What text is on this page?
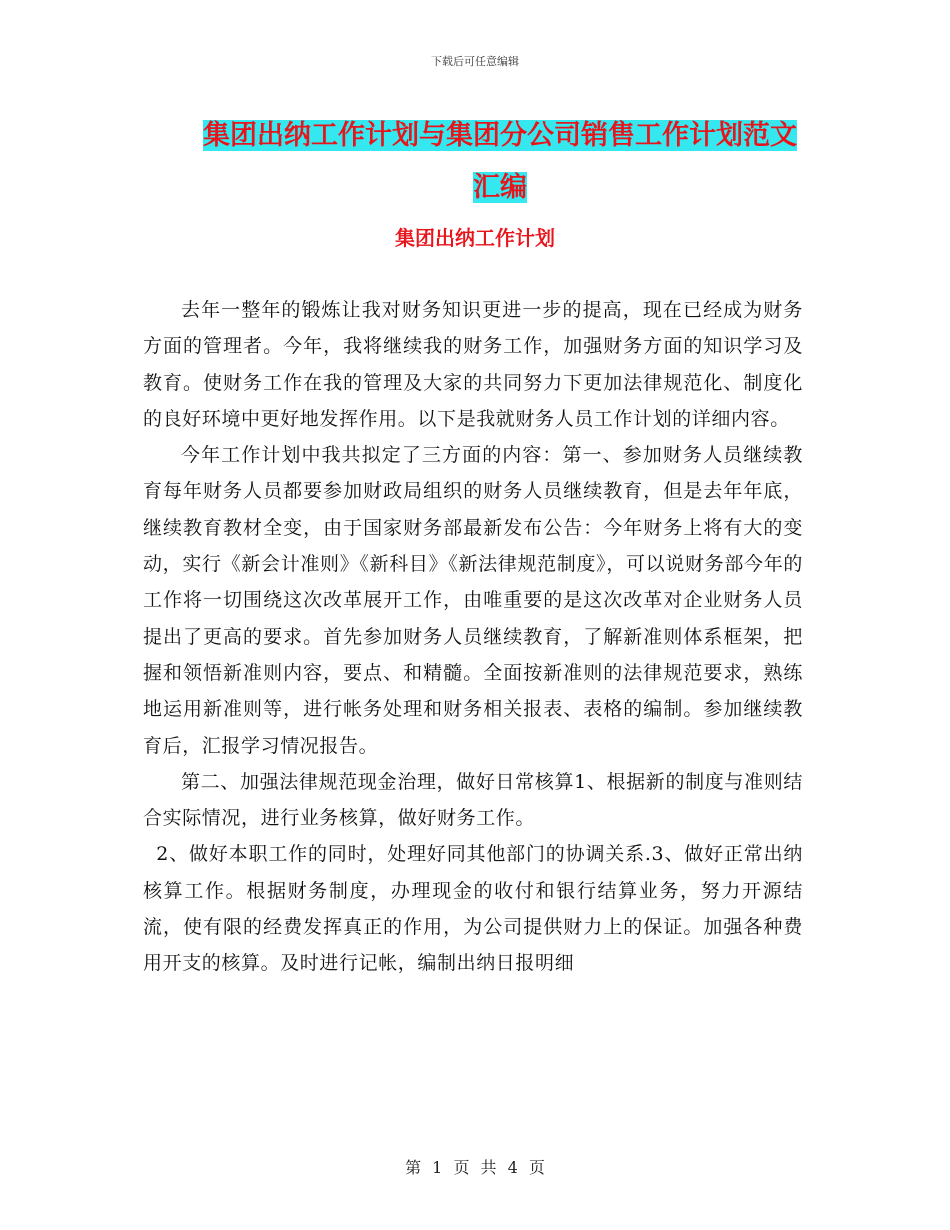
下载后可任意编辑
集团出纳工作计划与集团分公司销售工作计划范文汇编
集团出纳工作计划

去年一整年的锻炼让我对财务知识更进一步的提高，现在已经成为财务方面的管理者。今年，我将继续我的财务工作，加强财务方面的知识学习及教育。使财务工作在我的管理及大家的共同努力下更加法律规范化、制度化的良好环境中更好地发挥作用。以下是我就财务人员工作计划的详细内容。

今年工作计划中我共拟定了三方面的内容：第一、参加财务人员继续教育每年财务人员都要参加财政局组织的财务人员继续教育，但是去年年底，继续教育教材全变，由于国家财务部最新发布公告：今年财务上将有大的变动，实行《新会计准则》《新科目》《新法律规范制度》，可以说财务部今年的工作将一切围绕这次改革展开工作，由唯重要的是这次改革对企业财务人员提出了更高的要求。首先参加财务人员继续教育，了解新准则体系框架，把握和领悟新准则内容，要点、和精髓。全面按新准则的法律规范要求，熟练地运用新准则等，进行帐务处理和财务相关报表、表格的编制。参加继续教育后，汇报学习情况报告。

第二、加强法律规范现金治理，做好日常核算1、根据新的制度与准则结合实际情况，进行业务核算，做好财务工作。

2、做好本职工作的同时，处理好同其他部门的协调关系.3、做好正常出纳核算工作。根据财务制度，办理现金的收付和银行结算业务，努力开源结流，使有限的经费发挥真正的作用，为公司提供财力上的保证。加强各种费用开支的核算。及时进行记帐，编制出纳日报明细

第 1 页 共 4 页
